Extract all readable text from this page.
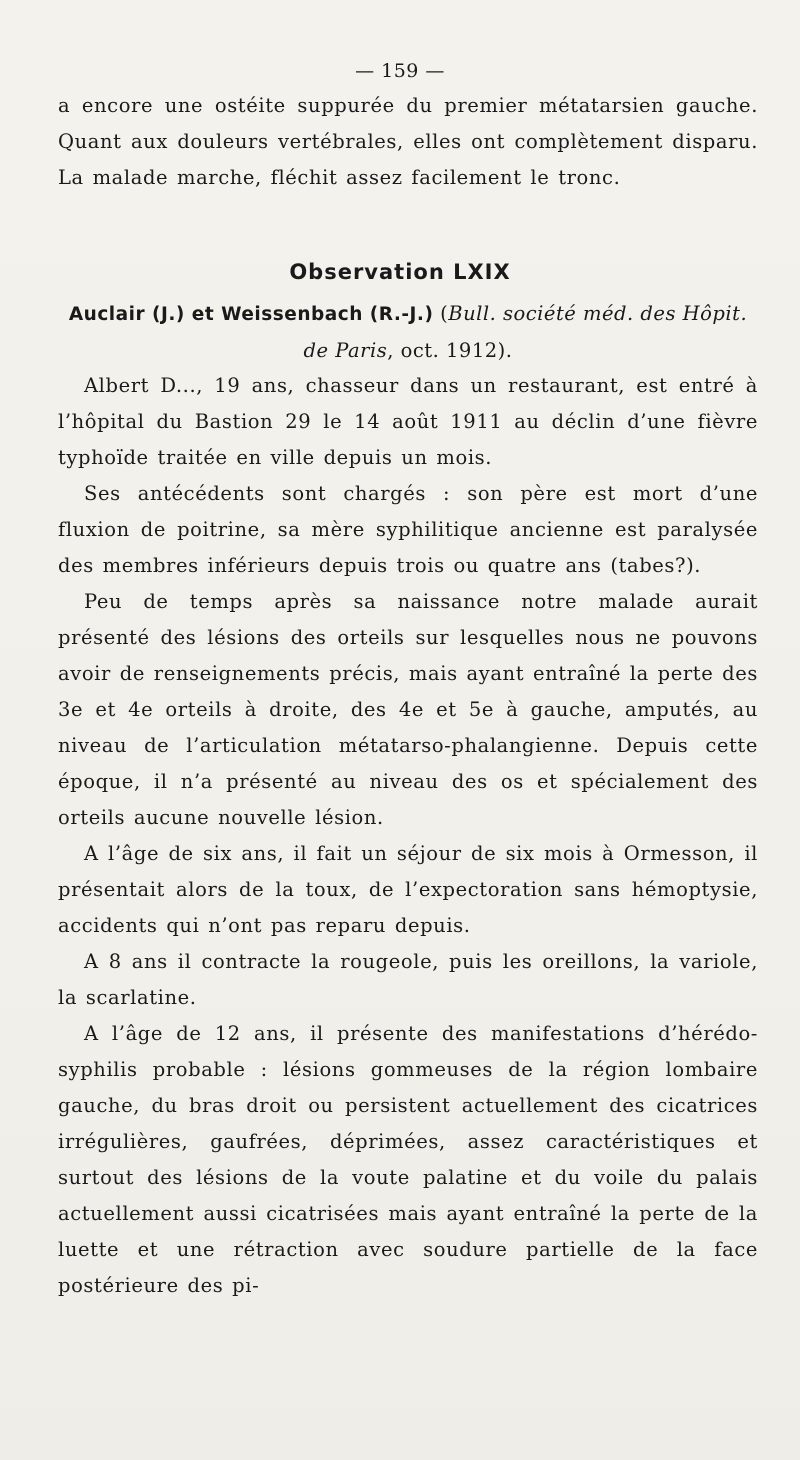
— 159 —
a encore une ostéite suppurée du premier métatarsien gauche. Quant aux douleurs vertébrales, elles ont complètement disparu. La malade marche, fléchit assez facilement le tronc.
Observation LXIX
Auclair (J.) et Weissenbach (R.-J.) (Bull. société méd. des Hôpit. de Paris, oct. 1912).

Albert D..., 19 ans, chasseur dans un restaurant, est entré à l’hôpital du Bastion 29 le 14 août 1911 au déclin d’une fièvre typhoïde traitée en ville depuis un mois.

Ses antécédents sont chargés : son père est mort d’une fluxion de poitrine, sa mère syphilitique ancienne est paralysée des membres inférieurs depuis trois ou quatre ans (tabes?).

Peu de temps après sa naissance notre malade aurait présenté des lésions des orteils sur lesquelles nous ne pouvons avoir de renseignements précis, mais ayant entraîné la perte des 3e et 4e orteils à droite, des 4e et 5e à gauche, amputés, au niveau de l’articulation métatarso-phalangienne. Depuis cette époque, il n’a présenté au niveau des os et spécialement des orteils aucune nouvelle lésion.

A l’âge de six ans, il fait un séjour de six mois à Ormesson, il présentait alors de la toux, de l’expectoration sans hémoptysie, accidents qui n’ont pas reparu depuis.

A 8 ans il contracte la rougeole, puis les oreillons, la variole, la scarlatine.

A l’âge de 12 ans, il présente des manifestations d’hérédo-syphilis probable : lésions gommeuses de la région lombaire gauche, du bras droit ou persistent actuellement des cicatrices irrégulières, gaufrées, déprimées, assez caractéristiques et surtout des lésions de la voute palatine et du voile du palais actuellement aussi cicatrisées mais ayant entraîné la perte de la luette et une rétraction avec soudure partielle de la face postérieure des pi-
